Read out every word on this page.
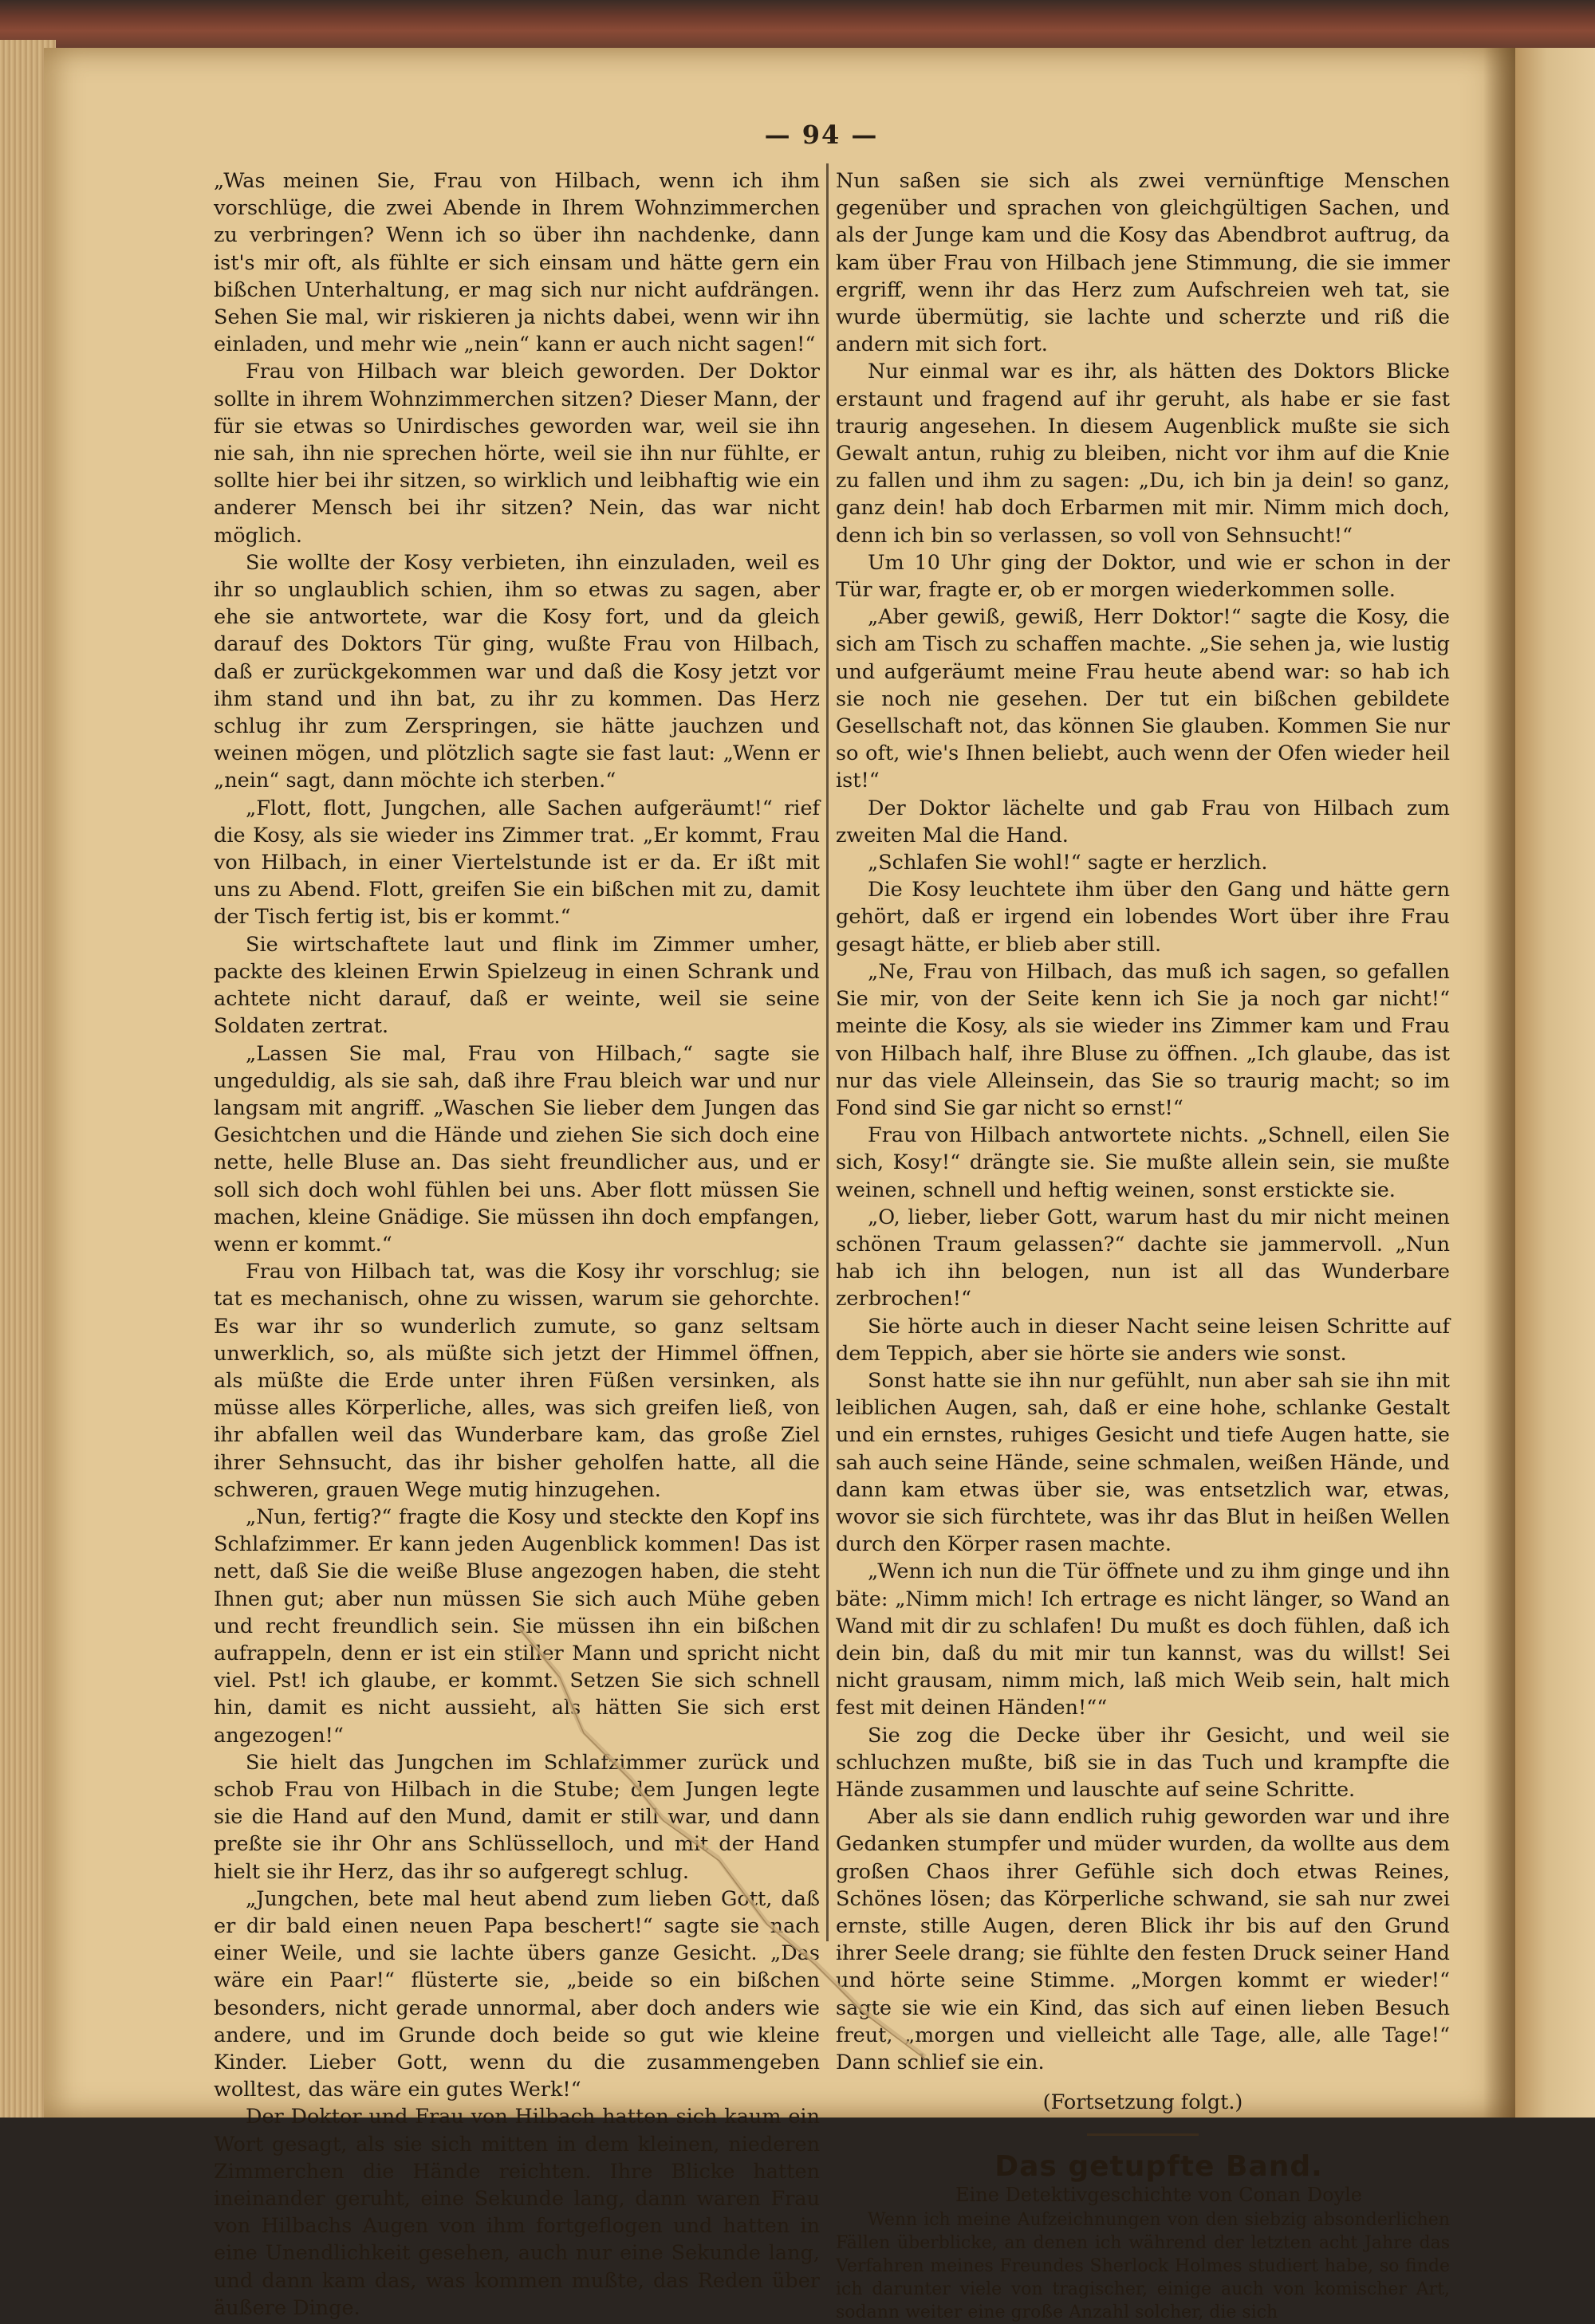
— 94 —

„Was meinen Sie, Frau von Hilbach, wenn ich ihm vorschlüge, die zwei Abende in Ihrem Wohnzimmerchen zu verbringen? Wenn ich so über ihn nachdenke, dann ist's mir oft, als fühlte er sich einsam und hätte gern ein bißchen Unterhaltung, er mag sich nur nicht aufdrängen. Sehen Sie mal, wir riskieren ja nichts dabei, wenn wir ihn einladen, und mehr wie „nein“ kann er auch nicht sagen!“

Frau von Hilbach war bleich geworden. Der Doktor sollte in ihrem Wohnzimmerchen sitzen? Dieser Mann, der für sie etwas so Unirdisches geworden war, weil sie ihn nie sah, ihn nie sprechen hörte, weil sie ihn nur fühlte, er sollte hier bei ihr sitzen, so wirklich und leibhaftig wie ein anderer Mensch bei ihr sitzen? Nein, das war nicht möglich.

Sie wollte der Kosy verbieten, ihn einzuladen, weil es ihr so unglaublich schien, ihm so etwas zu sagen, aber ehe sie antwortete, war die Kosy fort, und da gleich darauf des Doktors Tür ging, wußte Frau von Hilbach, daß er zurückgekommen war und daß die Kosy jetzt vor ihm stand und ihn bat, zu ihr zu kommen. Das Herz schlug ihr zum Zerspringen, sie hätte jauchzen und weinen mögen, und plötzlich sagte sie fast laut: „Wenn er „nein“ sagt, dann möchte ich sterben.“

„Flott, flott, Jungchen, alle Sachen aufgeräumt!“ rief die Kosy, als sie wieder ins Zimmer trat. „Er kommt, Frau von Hilbach, in einer Viertelstunde ist er da. Er ißt mit uns zu Abend. Flott, greifen Sie ein bißchen mit zu, damit der Tisch fertig ist, bis er kommt.“

Sie wirtschaftete laut und flink im Zimmer umher, packte des kleinen Erwin Spielzeug in einen Schrank und achtete nicht darauf, daß er weinte, weil sie seine Soldaten zertrat.

„Lassen Sie mal, Frau von Hilbach,“ sagte sie ungeduldig, als sie sah, daß ihre Frau bleich war und nur langsam mit angriff. „Waschen Sie lieber dem Jungen das Gesichtchen und die Hände und ziehen Sie sich doch eine nette, helle Bluse an. Das sieht freundlicher aus, und er soll sich doch wohl fühlen bei uns. Aber flott müssen Sie machen, kleine Gnädige. Sie müssen ihn doch empfangen, wenn er kommt.“

Frau von Hilbach tat, was die Kosy ihr vorschlug; sie tat es mechanisch, ohne zu wissen, warum sie gehorchte. Es war ihr so wunderlich zumute, so ganz seltsam unwerklich, so, als müßte sich jetzt der Himmel öffnen, als müßte die Erde unter ihren Füßen versinken, als müsse alles Körperliche, alles, was sich greifen ließ, von ihr abfallen weil das Wunderbare kam, das große Ziel ihrer Sehnsucht, das ihr bisher geholfen hatte, all die schweren, grauen Wege mutig hinzugehen.

„Nun, fertig?“ fragte die Kosy und steckte den Kopf ins Schlafzimmer. Er kann jeden Augenblick kommen! Das ist nett, daß Sie die weiße Bluse angezogen haben, die steht Ihnen gut; aber nun müssen Sie sich auch Mühe geben und recht freundlich sein. Sie müssen ihn ein bißchen aufrappeln, denn er ist ein stiller Mann und spricht nicht viel. Pst! ich glaube, er kommt. Setzen Sie sich schnell hin, damit es nicht aussieht, als hätten Sie sich erst angezogen!“

Sie hielt das Jungchen im Schlafzimmer zurück und schob Frau von Hilbach in die Stube; dem Jungen legte sie die Hand auf den Mund, damit er still war, und dann preßte sie ihr Ohr ans Schlüsselloch, und mit der Hand hielt sie ihr Herz, das ihr so aufgeregt schlug.

„Jungchen, bete mal heut abend zum lieben Gott, daß er dir bald einen neuen Papa beschert!“ sagte sie nach einer Weile, und sie lachte übers ganze Gesicht. „Das wäre ein Paar!“ flüsterte sie, „beide so ein bißchen besonders, nicht gerade unnormal, aber doch anders wie andere, und im Grunde doch beide so gut wie kleine Kinder. Lieber Gott, wenn du die zusammengeben wolltest, das wäre ein gutes Werk!“

Der Doktor und Frau von Hilbach hatten sich kaum ein Wort gesagt, als sie sich mitten in dem kleinen, niederen Zimmerchen die Hände reichten. Ihre Blicke hatten ineinander geruht, eine Sekunde lang, dann waren Frau von Hilbachs Augen von ihm fortgeflogen und hatten in eine Unendlichkeit gesehen, auch nur eine Sekunde lang, und dann kam das, was kommen mußte, das Reden über äußere Dinge.

Nun saßen sie sich als zwei vernünftige Menschen gegenüber und sprachen von gleichgültigen Sachen, und als der Junge kam und die Kosy das Abendbrot auftrug, da kam über Frau von Hilbach jene Stimmung, die sie immer ergriff, wenn ihr das Herz zum Aufschreien weh tat, sie wurde übermütig, sie lachte und scherzte und riß die andern mit sich fort.

Nur einmal war es ihr, als hätten des Doktors Blicke erstaunt und fragend auf ihr geruht, als habe er sie fast traurig angesehen. In diesem Augenblick mußte sie sich Gewalt antun, ruhig zu bleiben, nicht vor ihm auf die Knie zu fallen und ihm zu sagen: „Du, ich bin ja dein! so ganz, ganz dein! hab doch Erbarmen mit mir. Nimm mich doch, denn ich bin so verlassen, so voll von Sehnsucht!“

Um 10 Uhr ging der Doktor, und wie er schon in der Tür war, fragte er, ob er morgen wiederkommen solle.

„Aber gewiß, gewiß, Herr Doktor!“ sagte die Kosy, die sich am Tisch zu schaffen machte. „Sie sehen ja, wie lustig und aufgeräumt meine Frau heute abend war: so hab ich sie noch nie gesehen. Der tut ein bißchen gebildete Gesellschaft not, das können Sie glauben. Kommen Sie nur so oft, wie's Ihnen beliebt, auch wenn der Ofen wieder heil ist!“

Der Doktor lächelte und gab Frau von Hilbach zum zweiten Mal die Hand.

„Schlafen Sie wohl!“ sagte er herzlich.

Die Kosy leuchtete ihm über den Gang und hätte gern gehört, daß er irgend ein lobendes Wort über ihre Frau gesagt hätte, er blieb aber still.

„Ne, Frau von Hilbach, das muß ich sagen, so gefallen Sie mir, von der Seite kenn ich Sie ja noch gar nicht!“ meinte die Kosy, als sie wieder ins Zimmer kam und Frau von Hilbach half, ihre Bluse zu öffnen. „Ich glaube, das ist nur das viele Alleinsein, das Sie so traurig macht; so im Fond sind Sie gar nicht so ernst!“

Frau von Hilbach antwortete nichts. „Schnell, eilen Sie sich, Kosy!“ drängte sie. Sie mußte allein sein, sie mußte weinen, schnell und heftig weinen, sonst erstickte sie.

„O, lieber, lieber Gott, warum hast du mir nicht meinen schönen Traum gelassen?“ dachte sie jammervoll. „Nun hab ich ihn belogen, nun ist all das Wunderbare zerbrochen!“

Sie hörte auch in dieser Nacht seine leisen Schritte auf dem Teppich, aber sie hörte sie anders wie sonst.

Sonst hatte sie ihn nur gefühlt, nun aber sah sie ihn mit leiblichen Augen, sah, daß er eine hohe, schlanke Gestalt und ein ernstes, ruhiges Gesicht und tiefe Augen hatte, sie sah auch seine Hände, seine schmalen, weißen Hände, und dann kam etwas über sie, was entsetzlich war, etwas, wovor sie sich fürchtete, was ihr das Blut in heißen Wellen durch den Körper rasen machte.

„Wenn ich nun die Tür öffnete und zu ihm ginge und ihn bäte: „Nimm mich! Ich ertrage es nicht länger, so Wand an Wand mit dir zu schlafen! Du mußt es doch fühlen, daß ich dein bin, daß du mit mir tun kannst, was du willst! Sei nicht grausam, nimm mich, laß mich Weib sein, halt mich fest mit deinen Händen!““

Sie zog die Decke über ihr Gesicht, und weil sie schluchzen mußte, biß sie in das Tuch und krampfte die Hände zusammen und lauschte auf seine Schritte.

Aber als sie dann endlich ruhig geworden war und ihre Gedanken stumpfer und müder wurden, da wollte aus dem großen Chaos ihrer Gefühle sich doch etwas Reines, Schönes lösen; das Körperliche schwand, sie sah nur zwei ernste, stille Augen, deren Blick ihr bis auf den Grund ihrer Seele drang; sie fühlte den festen Druck seiner Hand und hörte seine Stimme. „Morgen kommt er wieder!“ sagte sie wie ein Kind, das sich auf einen lieben Besuch freut, „morgen und vielleicht alle Tage, alle, alle Tage!“ Dann schlief sie ein.

(Fortsetzung folgt.)

Das getupfte Band.

Eine Detektivgeschichte von Conan Doyle

Wenn ich meine Aufzeichnungen von den siebzig absonderlichen Fällen überblicke, an denen ich während der letzten acht Jahre das Verfahren meines Freundes Sherlock Holmes studiert habe, so finde ich darunter viele von tragischer, einige auch von komischer Art, sodann weiter eine große Anzahl solcher, die sich
